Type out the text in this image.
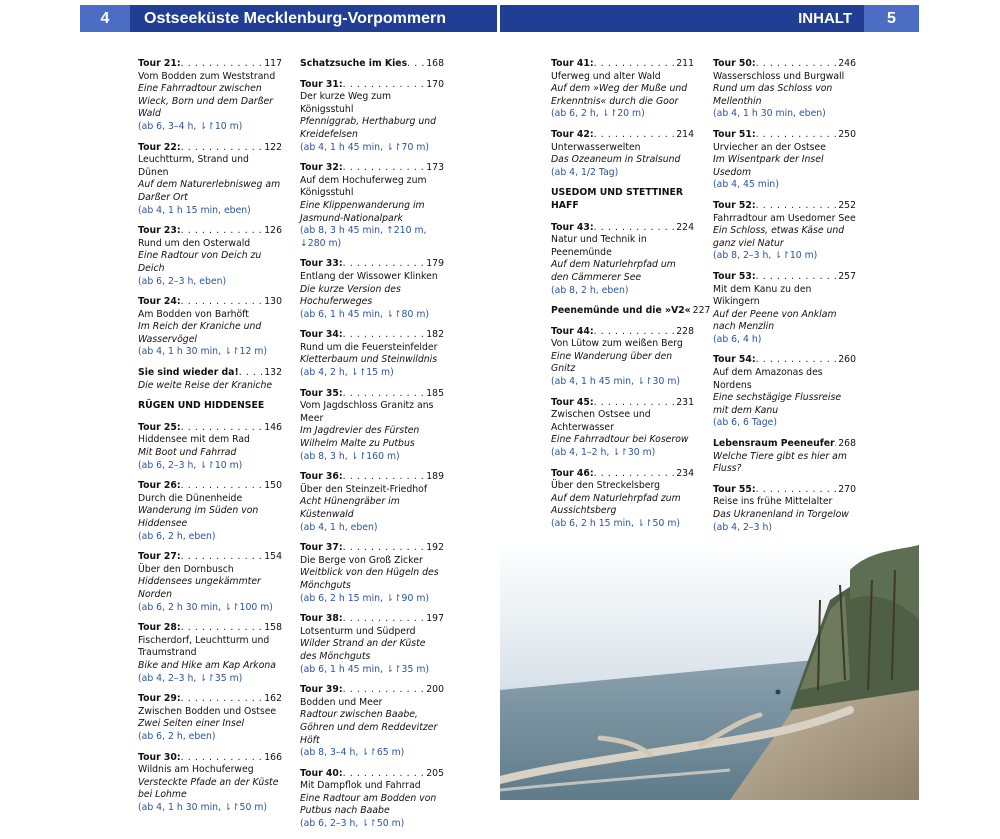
4	Ostseeküste Mecklenburg-Vorpommern	INHALT	5
Tour 21: . . .	117
Vom Bodden zum Weststrand
Eine Fahrradtour zwischen Wieck, Born und dem Darßer Wald
(ab 6, 3–4 h, ⇂↾10 m)
Tour 22: . . .	122
Leuchtturm, Strand und Dünen
Auf dem Naturerlebnisweg am Darßer Ort
(ab 4, 1 h 15 min, eben)
Tour 23: . . .	126
Rund um den Osterwald
Eine Radtour von Deich zu Deich
(ab 6, 2–3 h, eben)
Tour 24: . . .	130
Am Bodden von Barhöft
Im Reich der Kraniche und Wasservögel
(ab 4, 1 h 30 min, ⇂↾12 m)
Sie sind wieder da! . . .	132
Die weite Reise der Kraniche
RÜGEN UND HIDDENSEE
Tour 25: . . .	146
Hiddensee mit dem Rad
Mit Boot und Fahrrad
(ab 6, 2–3 h, ⇂↾10 m)
Tour 26: . . .	150
Durch die Dünenheide
Wanderung im Süden von Hiddensee
(ab 6, 2 h, eben)
Tour 27: . . .	154
Über den Dornbusch
Hiddensees ungekämmter Norden
(ab 6, 2 h 30 min, ⇂↾100 m)
Tour 28: . . .	158
Fischerdorf, Leuchtturm und Traumstrand
Bike and Hike am Kap Arkona
(ab 4, 2–3 h, ⇂↾35 m)
Tour 29: . . .	162
Zwischen Bodden und Ostsee
Zwei Seiten einer Insel
(ab 6, 2 h, eben)
Tour 30: . . .	166
Wildnis am Hochuferweg
Versteckte Pfade an der Küste bei Lohme
(ab 4, 1 h 30 min, ⇂↾50 m)
Schatzsuche im Kies . . . 168
Tour 31: . . .	170
Der kurze Weg zum Königsstuhl
Pfenniggrab, Herthaburg und Kreidefelsen
(ab 4, 1 h 45 min, ⇂↾70 m)
Tour 32: . . .	173
Auf dem Hochuferweg zum Königsstuhl
Eine Klippenwanderung im Jasmund-Nationalpark
(ab 8, 3 h 45 min, ↑210 m, ↓280 m)
Tour 33: . . .	179
Entlang der Wissower Klinken
Die kurze Version des Hochuferweges
(ab 6, 1 h 45 min, ⇂↾80 m)
Tour 34: . . .	182
Rund um die Feuersteinfelder
Kletterbaum und Steinwildnis
(ab 4, 2 h, ⇂↾15 m)
Tour 35: . . .	185
Vom Jagdschloss Granitz ans Meer
Im Jagdrevier des Fürsten Wilhelm Malte zu Putbus
(ab 8, 3 h, ⇂↾160 m)
Tour 36: . . .	189
Über den Steinzeit-Friedhof
Acht Hünengräber im Küstenwald
(ab 4, 1 h, eben)
Tour 37: . . .	192
Die Berge von Groß Zicker
Weitblick von den Hügeln des Mönchguts
(ab 6, 2 h 15 min, ⇂↾90 m)
Tour 38: . . .	197
Lotsenturm und Südperd
Wilder Strand an der Küste des Mönchguts
(ab 6, 1 h 45 min, ⇂↾35 m)
Tour 39: . . .	200
Bodden und Meer
Radtour zwischen Baabe, Göhren und dem Reddevitzer Höft
(ab 8, 3–4 h, ⇂↾65 m)
Tour 40: . . .	205
Mit Dampflok und Fahrrad
Eine Radtour am Bodden von Putbus nach Baabe
(ab 6, 2–3 h, ⇂↾50 m)
Tour 41: . . .	211
Uferweg und alter Wald
Auf dem »Weg der Muße und Erkenntnis« durch die Goor
(ab 6, 2 h, ⇂↾20 m)
Tour 42: . . .	214
Unterwasserwelten
Das Ozeaneum in Stralsund
(ab 4, 1/2 Tag)
USEDOM UND STETTINER HAFF
Tour 43: . . .	224
Natur und Technik in Peenemünde
Auf dem Naturlehrpfad um den Cämmerer See
(ab 8, 2 h, eben)
Peenemünde und die »V2« 227
Tour 44: . . .	228
Von Lütow zum weißen Berg
Eine Wanderung über den Gnitz
(ab 4, 1 h 45 min, ⇂↾30 m)
Tour 45: . . .	231
Zwischen Ostsee und Achterwasser
Eine Fahrradtour bei Koserow
(ab 4, 1–2 h, ⇂↾30 m)
Tour 46: . . .	234
Über den Streckelsberg
Auf dem Naturlehrpfad zum Aussichtsberg
(ab 6, 2 h 15 min, ⇂↾50 m)
. . .
. . .
. . .
Tour 50: . . .	246
Wasserschloss und Burgwall
Rund um das Schloss von Mellenthin
(ab 4, 1 h 30 min, eben)
Tour 51: . . .	250
Urviecher an der Ostsee
Im Wisentpark der Insel Usedom
(ab 4, 45 min)
Tour 52: . . .	252
Fahrradtour am Usedomer See
Ein Schloss, etwas Käse und ganz viel Natur
(ab 8, 2–3 h, ⇂↾10 m)
Tour 53: . . .	257
Mit dem Kanu zu den Wikingern
Auf der Peene von Anklam nach Menzlin
(ab 6, 4 h)
Tour 54: . . .	260
Auf dem Amazonas des Nordens
Eine sechstägige Flussreise mit dem Kanu
(ab 6, 6 Tage)
Lebensraum Peeneufer . . . 268
Welche Tiere gibt es hier am Fluss?
Tour 55: . . .	270
Reise ins frühe Mittelalter
Das Ukranenland in Torgelow
(ab 4, 2–3 h)
. . .
. . .
. . .
. . .
